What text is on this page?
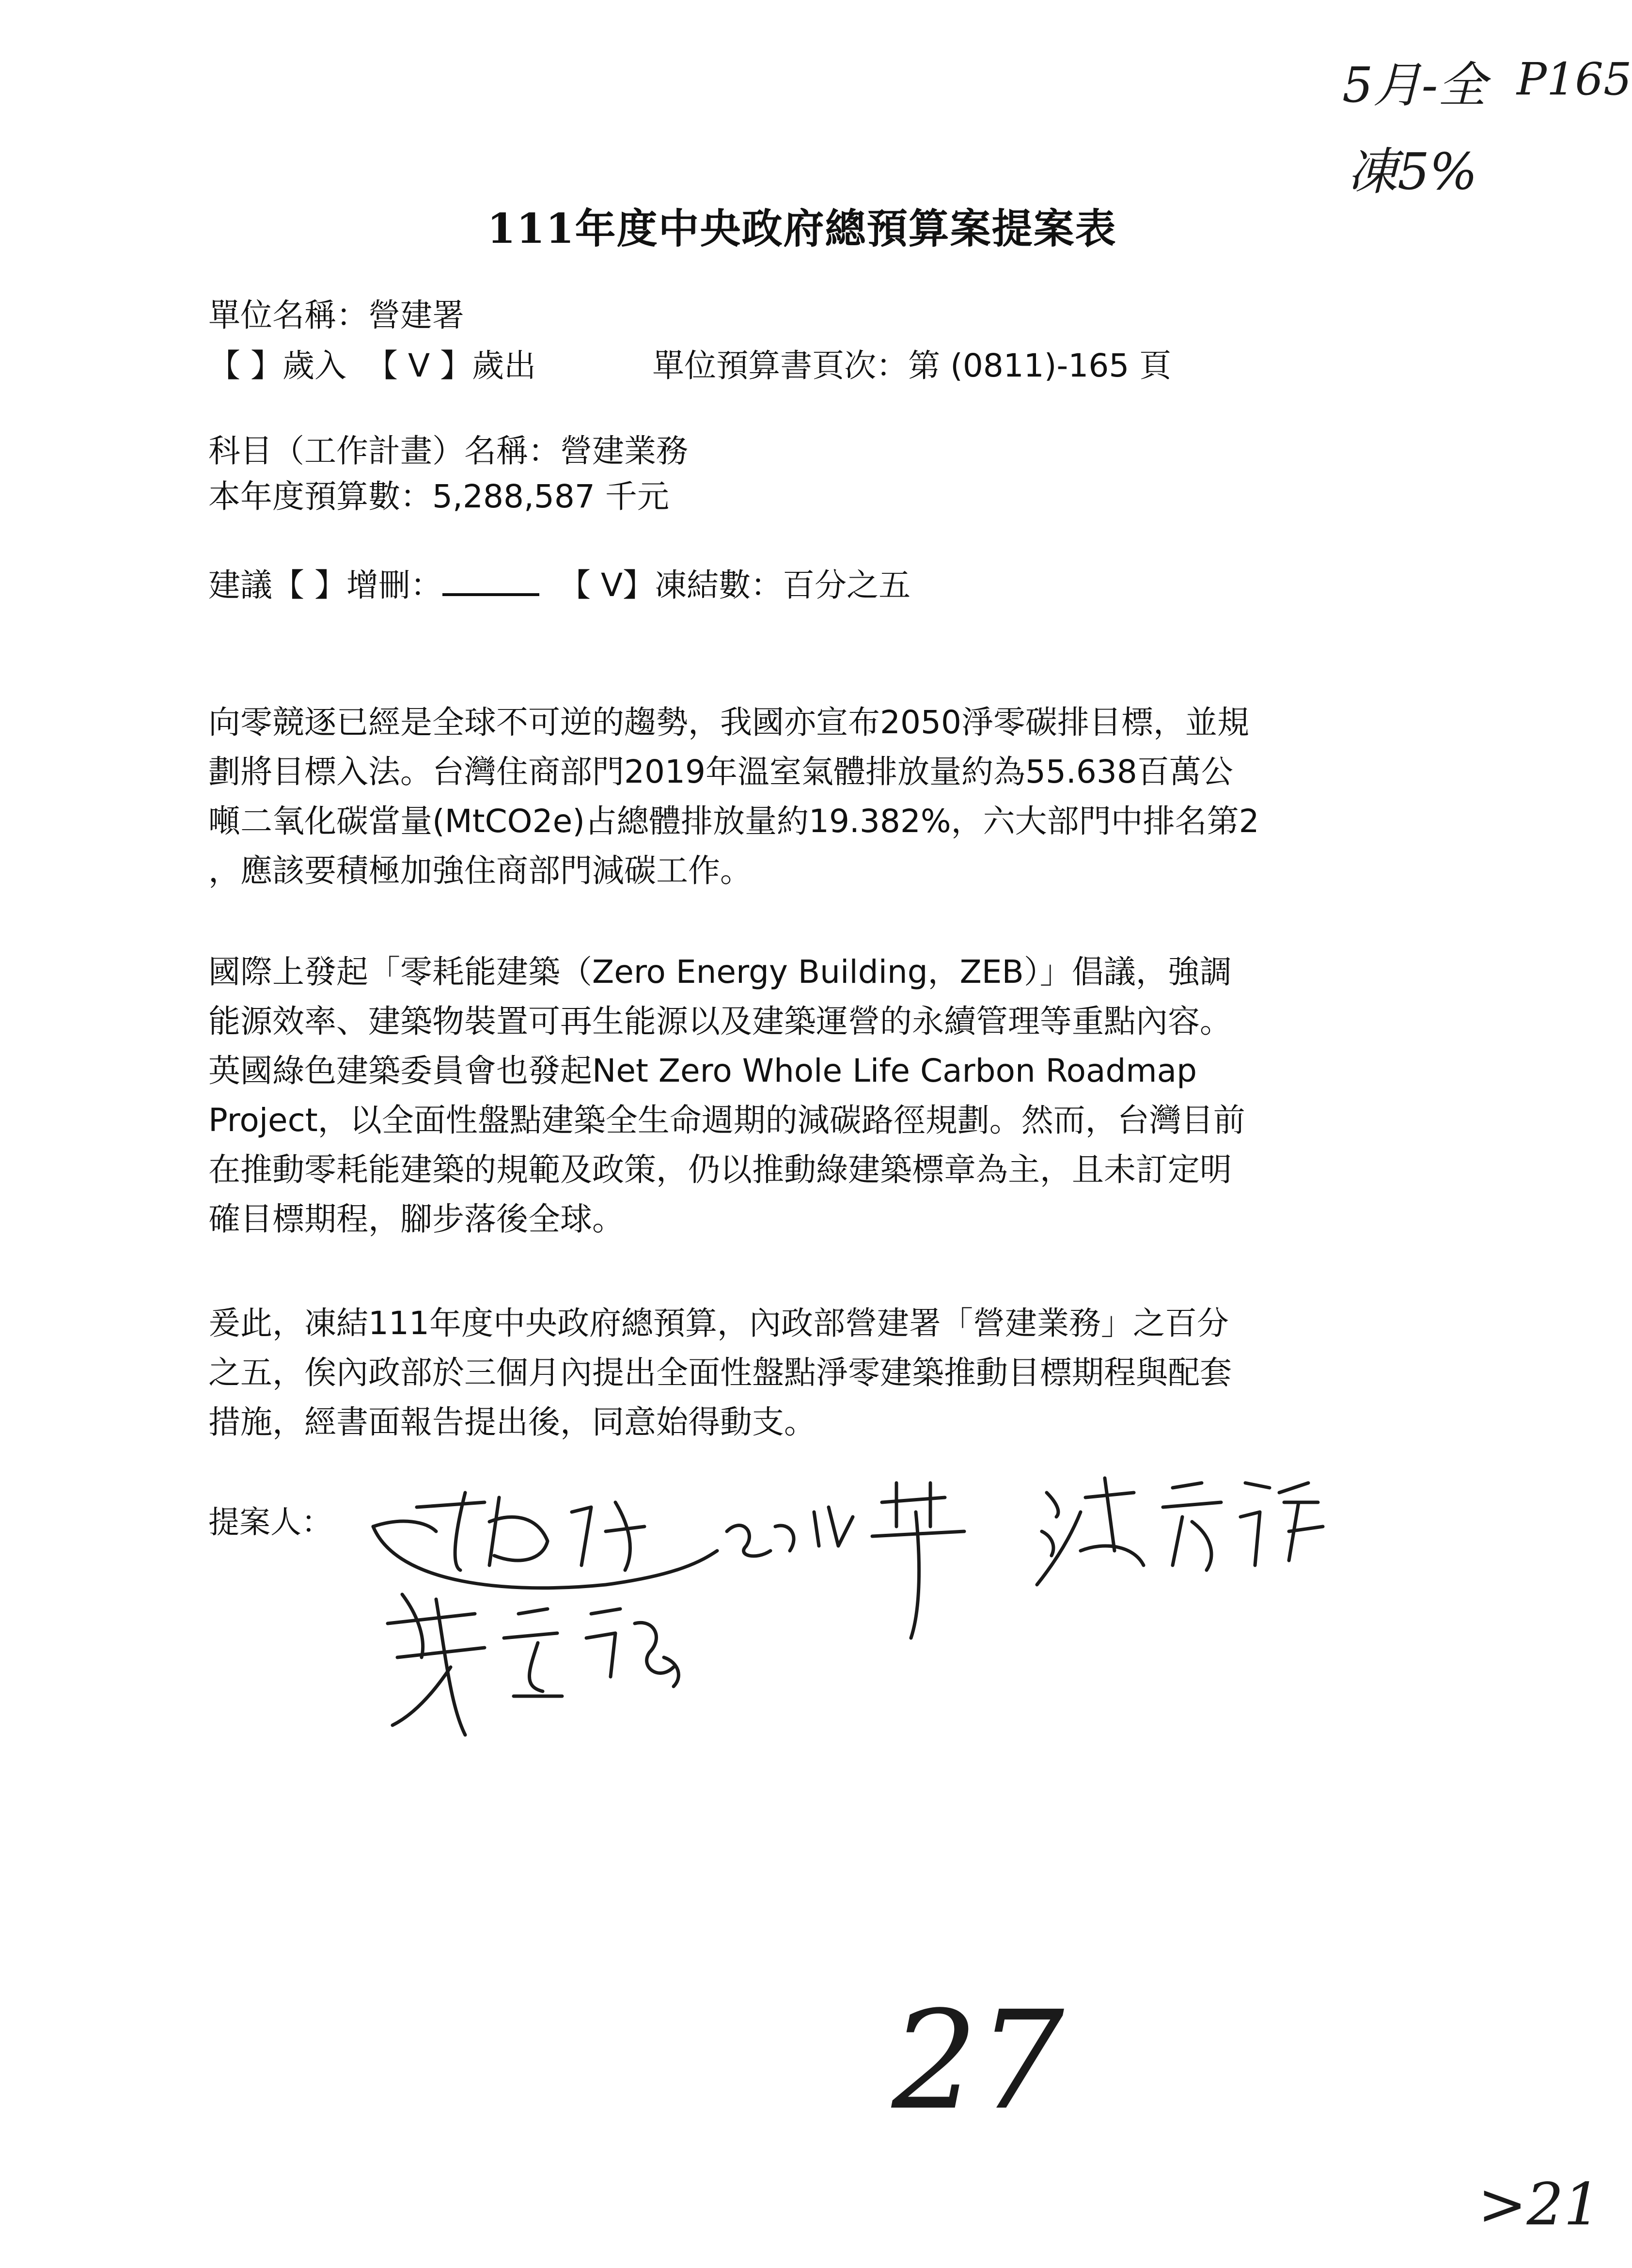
5月-全 P165
凍5%
111年度中央政府總預算案提案表
單位名稱：營建署
【 】歲入 【 V 】歲出	單位預算書頁次：第 (0811)-165 頁
科目（工作計畫）名稱：營建業務
本年度預算數：5,288,587 千元
建議【 】增刪：	【 V】凍結數：百分之五
向零競逐已經是全球不可逆的趨勢，我國亦宣布2050淨零碳排目標，並規
劃將目標入法。台灣住商部門2019年溫室氣體排放量約為55.638百萬公
噸二氧化碳當量(MtCO2e)占總體排放量約19.382%，六大部門中排名第2
，應該要積極加強住商部門減碳工作。
國際上發起「零耗能建築（Zero Energy Building，ZEB）」倡議，強調
能源效率、建築物裝置可再生能源以及建築運營的永續管理等重點內容。
英國綠色建築委員會也發起Net Zero Whole Life Carbon Roadmap
Project，以全面性盤點建築全生命週期的減碳路徑規劃。然而，台灣目前
在推動零耗能建築的規範及政策，仍以推動綠建築標章為主，且未訂定明
確目標期程，腳步落後全球。
爰此，凍結111年度中央政府總預算，內政部營建署「營建業務」之百分
之五，俟內政部於三個月內提出全面性盤點淨零建築推動目標期程與配套
措施，經書面報告提出後，同意始得動支。
提案人：
27
>21
